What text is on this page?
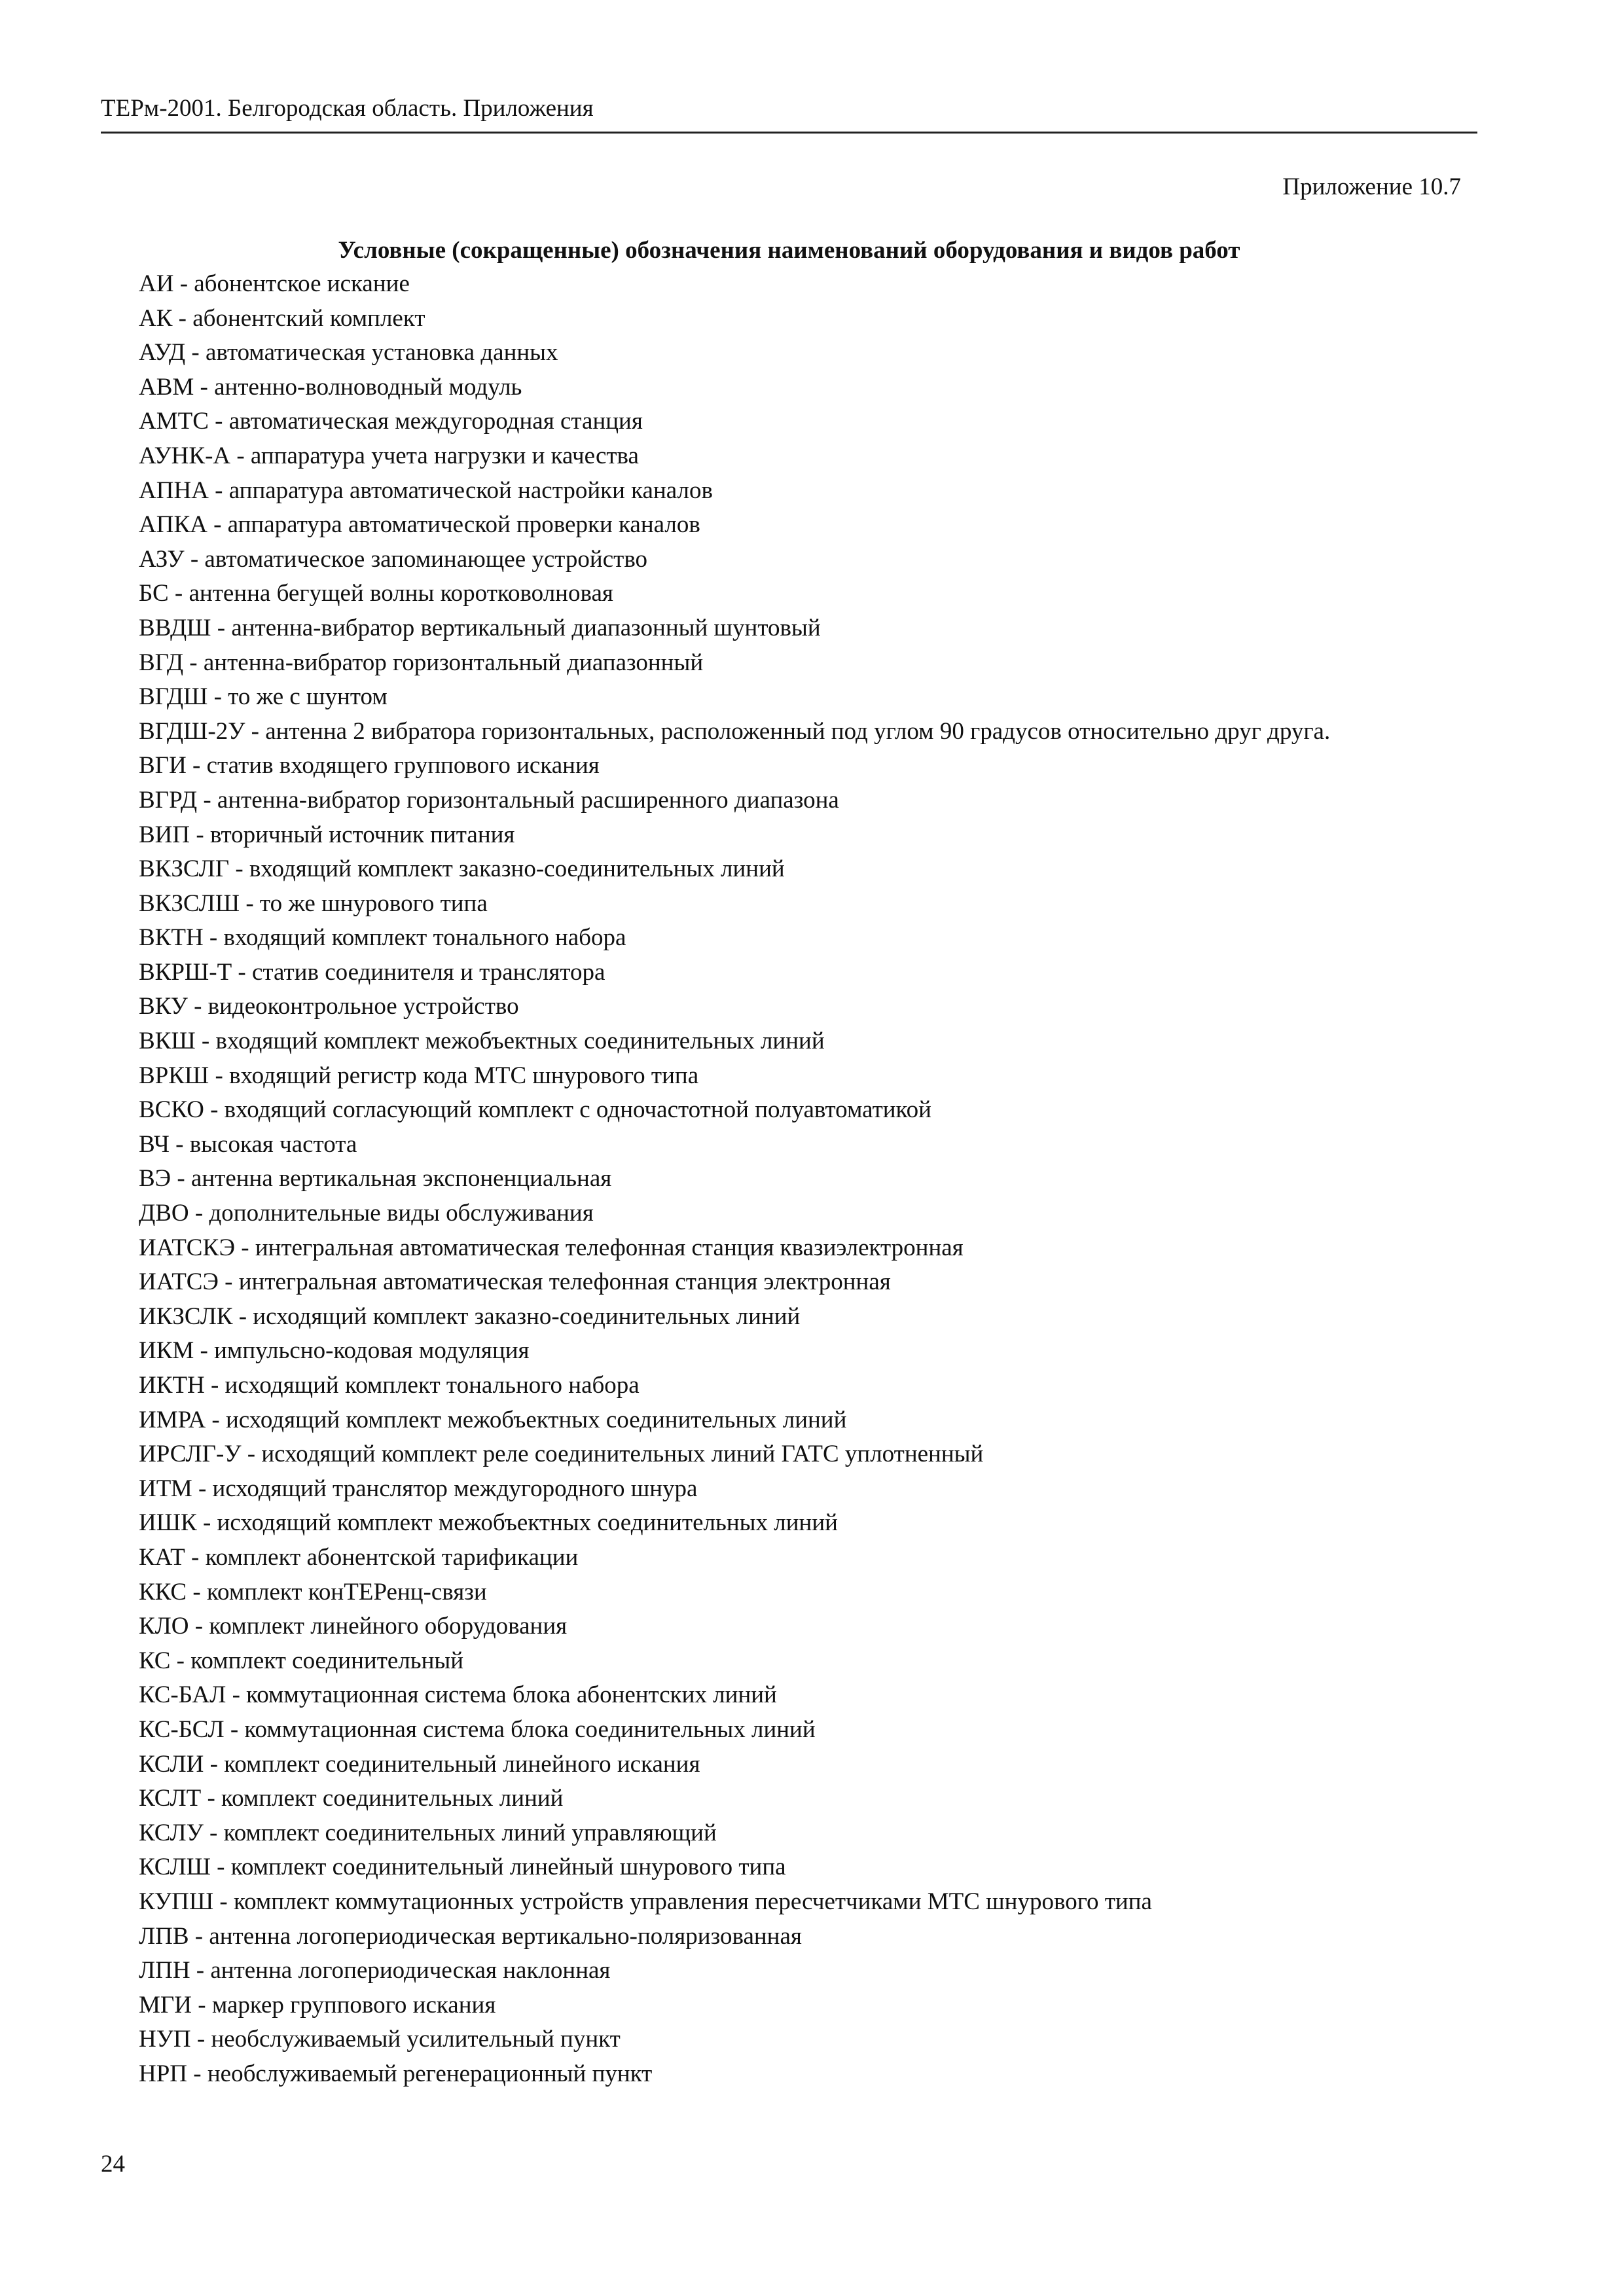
ТЕРм-2001. Белгородская область. Приложения
Приложение 10.7
Условные (сокращенные) обозначения наименований оборудования и видов работ
АИ - абонентское искание
АК - абонентский комплект
АУД - автоматическая установка данных
АВМ - антенно-волноводный модуль
АМТС - автоматическая междугородная станция
АУНК-А - аппаратура учета нагрузки и качества
АПНА - аппаратура автоматической настройки каналов
АПКА - аппаратура автоматической проверки каналов
АЗУ - автоматическое запоминающее устройство
БС - антенна бегущей волны коротковолновая
ВВДШ - антенна-вибратор вертикальный диапазонный шунтовый
ВГД - антенна-вибратор горизонтальный диапазонный
ВГДШ - то же с шунтом
ВГДШ-2У - антенна 2 вибратора горизонтальных, расположенный под углом 90 градусов относительно друг друга.
ВГИ - статив входящего группового искания
ВГРД - антенна-вибратор горизонтальный расширенного диапазона
ВИП - вторичный источник питания
ВКЗСЛГ - входящий комплект заказно-соединительных линий
ВКЗСЛШ - то же шнурового типа
ВКТН - входящий комплект тонального набора
ВКРШ-Т - статив соединителя и транслятора
ВКУ - видеоконтрольное устройство
ВКШ - входящий комплект межобъектных соединительных линий
ВРКШ - входящий регистр кода МТС шнурового типа
ВСКО - входящий согласующий комплект с одночастотной полуавтоматикой
ВЧ - высокая частота
ВЭ - антенна вертикальная экспоненциальная
ДВО - дополнительные виды обслуживания
ИАТСКЭ - интегральная автоматическая телефонная станция квазиэлектронная
ИАТСЭ - интегральная автоматическая телефонная станция электронная
ИКЗСЛК - исходящий комплект заказно-соединительных линий
ИКМ - импульсно-кодовая модуляция
ИКТН - исходящий комплект тонального набора
ИМРА - исходящий комплект межобъектных соединительных линий
ИРСЛГ-У - исходящий комплект реле соединительных линий ГАТС уплотненный
ИТМ - исходящий транслятор междугородного шнура
ИШК - исходящий комплект межобъектных соединительных линий
КАТ - комплект абонентской тарификации
ККС - комплект конТЕРенц-связи
КЛО - комплект линейного оборудования
КС - комплект соединительный
КС-БАЛ - коммутационная система блока абонентских линий
КС-БСЛ - коммутационная система блока соединительных линий
КСЛИ - комплект соединительный линейного искания
КСЛТ - комплект соединительных линий
КСЛУ - комплект соединительных линий управляющий
КСЛШ - комплект соединительный линейный шнурового типа
КУПШ - комплект коммутационных устройств управления пересчетчиками МТС шнурового типа
ЛПВ - антенна логопериодическая вертикально-поляризованная
ЛПН - антенна логопериодическая наклонная
МГИ - маркер группового искания
НУП - необслуживаемый усилительный пункт
НРП - необслуживаемый регенерационный пункт
24
